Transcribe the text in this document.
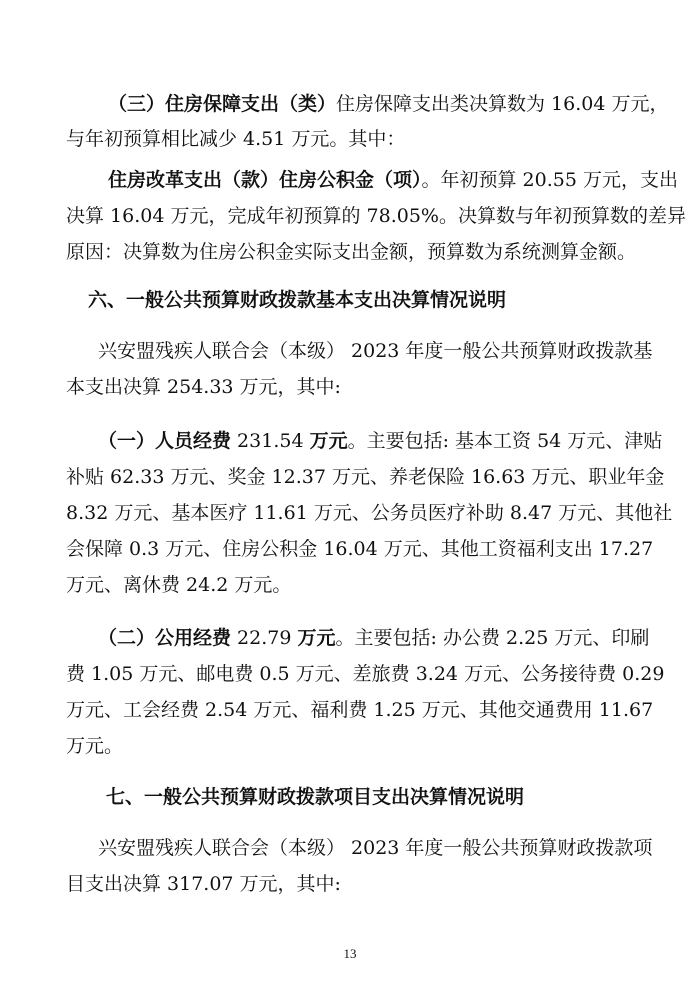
（三）住房保障支出（类）住房保障支出类决算数为 16.04 万元，
与年初预算相比减少 4.51 万元。其中：
住房改革支出（款）住房公积金（项）。年初预算 20.55 万元，支出
决算 16.04 万元，完成年初预算的 78.05%。决算数与年初预算数的差异
原因：决算数为住房公积金实际支出金额，预算数为系统测算金额。
六、一般公共预算财政拨款基本支出决算情况说明
兴安盟残疾人联合会（本级） 2023 年度一般公共预算财政拨款基
本支出决算 254.33 万元，其中:
（一）人员经费 231.54 万元。主要包括: 基本工资 54 万元、津贴
补贴 62.33 万元、奖金 12.37 万元、养老保险 16.63 万元、职业年金
8.32 万元、基本医疗 11.61 万元、公务员医疗补助 8.47 万元、其他社
会保障 0.3 万元、住房公积金 16.04 万元、其他工资福利支出 17.27
万元、离休费 24.2 万元。
（二）公用经费 22.79 万元。主要包括: 办公费 2.25 万元、印刷
费 1.05 万元、邮电费 0.5 万元、差旅费 3.24 万元、公务接待费 0.29
万元、工会经费 2.54 万元、福利费 1.25 万元、其他交通费用 11.67
万元。
七、一般公共预算财政拨款项目支出决算情况说明
兴安盟残疾人联合会（本级） 2023 年度一般公共预算财政拨款项
目支出决算 317.07 万元，其中:
13
